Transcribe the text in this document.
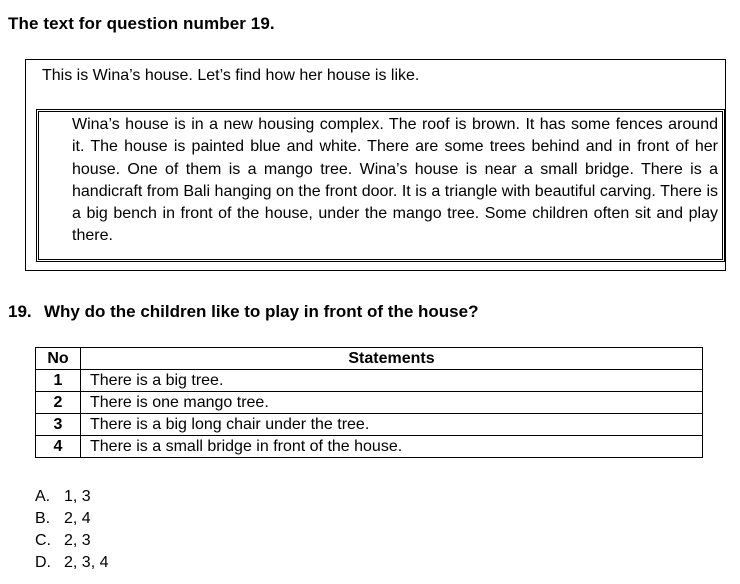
The text for question number 19.
This is Wina’s house. Let’s find how her house is like.
Wina’s house is in a new housing complex. The roof is brown. It has some fences around it. The house is painted blue and white. There are some trees behind and in front of her house. One of them is a mango tree. Wina’s house is near a small bridge. There is a handicraft from Bali hanging on the front door. It is a triangle with beautiful carving. There is a big bench in front of the house, under the mango tree. Some children often sit and play there.
19. Why do the children like to play in front of the house?
No	Statements
1	There is a big tree.
2	There is one mango tree.
3	There is a big long chair under the tree.
4	There is a small bridge in front of the house.
A. 1, 3
B. 2, 4
C. 2, 3
D. 2, 3, 4
